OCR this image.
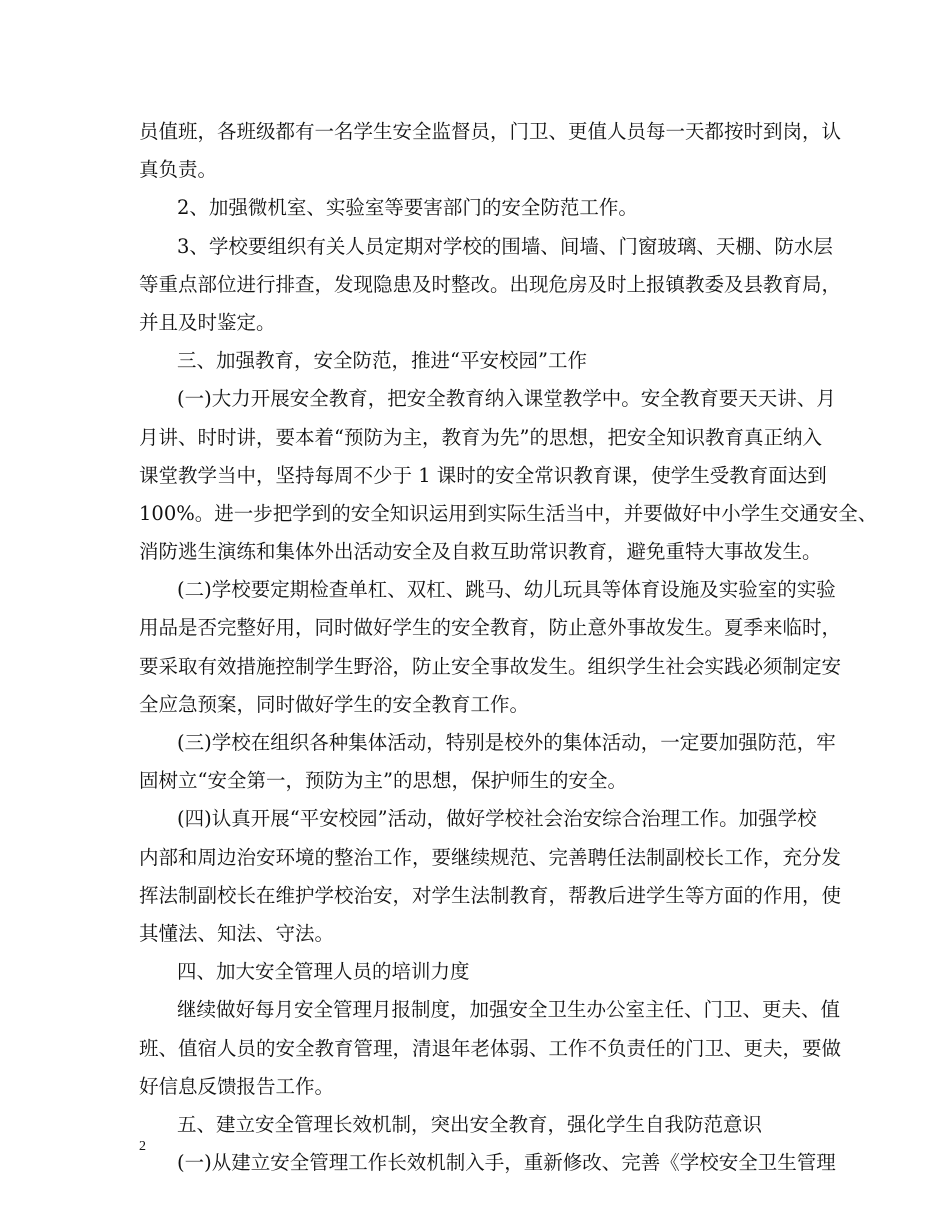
员值班，各班级都有一名学生安全监督员，门卫、更值人员每一天都按时到岗，认
真负责。
2、加强微机室、实验室等要害部门的安全防范工作。
3、学校要组织有关人员定期对学校的围墙、间墙、门窗玻璃、天棚、防水层
等重点部位进行排查，发现隐患及时整改。出现危房及时上报镇教委及县教育局，
并且及时鉴定。
三、加强教育，安全防范，推进“平安校园”工作
(一)大力开展安全教育，把安全教育纳入课堂教学中。安全教育要天天讲、月
月讲、时时讲，要本着“预防为主，教育为先”的思想，把安全知识教育真正纳入
课堂教学当中，坚持每周不少于 1 课时的安全常识教育课，使学生受教育面达到
100%。进一步把学到的安全知识运用到实际生活当中，并要做好中小学生交通安全、
消防逃生演练和集体外出活动安全及自救互助常识教育，避免重特大事故发生。
(二)学校要定期检查单杠、双杠、跳马、幼儿玩具等体育设施及实验室的实验
用品是否完整好用，同时做好学生的安全教育，防止意外事故发生。夏季来临时，
要采取有效措施控制学生野浴，防止安全事故发生。组织学生社会实践必须制定安
全应急预案，同时做好学生的安全教育工作。
(三)学校在组织各种集体活动，特别是校外的集体活动，一定要加强防范，牢
固树立“安全第一，预防为主”的思想，保护师生的安全。
(四)认真开展“平安校园”活动，做好学校社会治安综合治理工作。加强学校
内部和周边治安环境的整治工作，要继续规范、完善聘任法制副校长工作，充分发
挥法制副校长在维护学校治安，对学生法制教育，帮教后进学生等方面的作用，使
其懂法、知法、守法。
四、加大安全管理人员的培训力度
继续做好每月安全管理月报制度，加强安全卫生办公室主任、门卫、更夫、值
班、值宿人员的安全教育管理，清退年老体弱、工作不负责任的门卫、更夫，要做
好信息反馈报告工作。
五、建立安全管理长效机制，突出安全教育，强化学生自我防范意识
(一)从建立安全管理工作长效机制入手，重新修改、完善《学校安全卫生管理
2
